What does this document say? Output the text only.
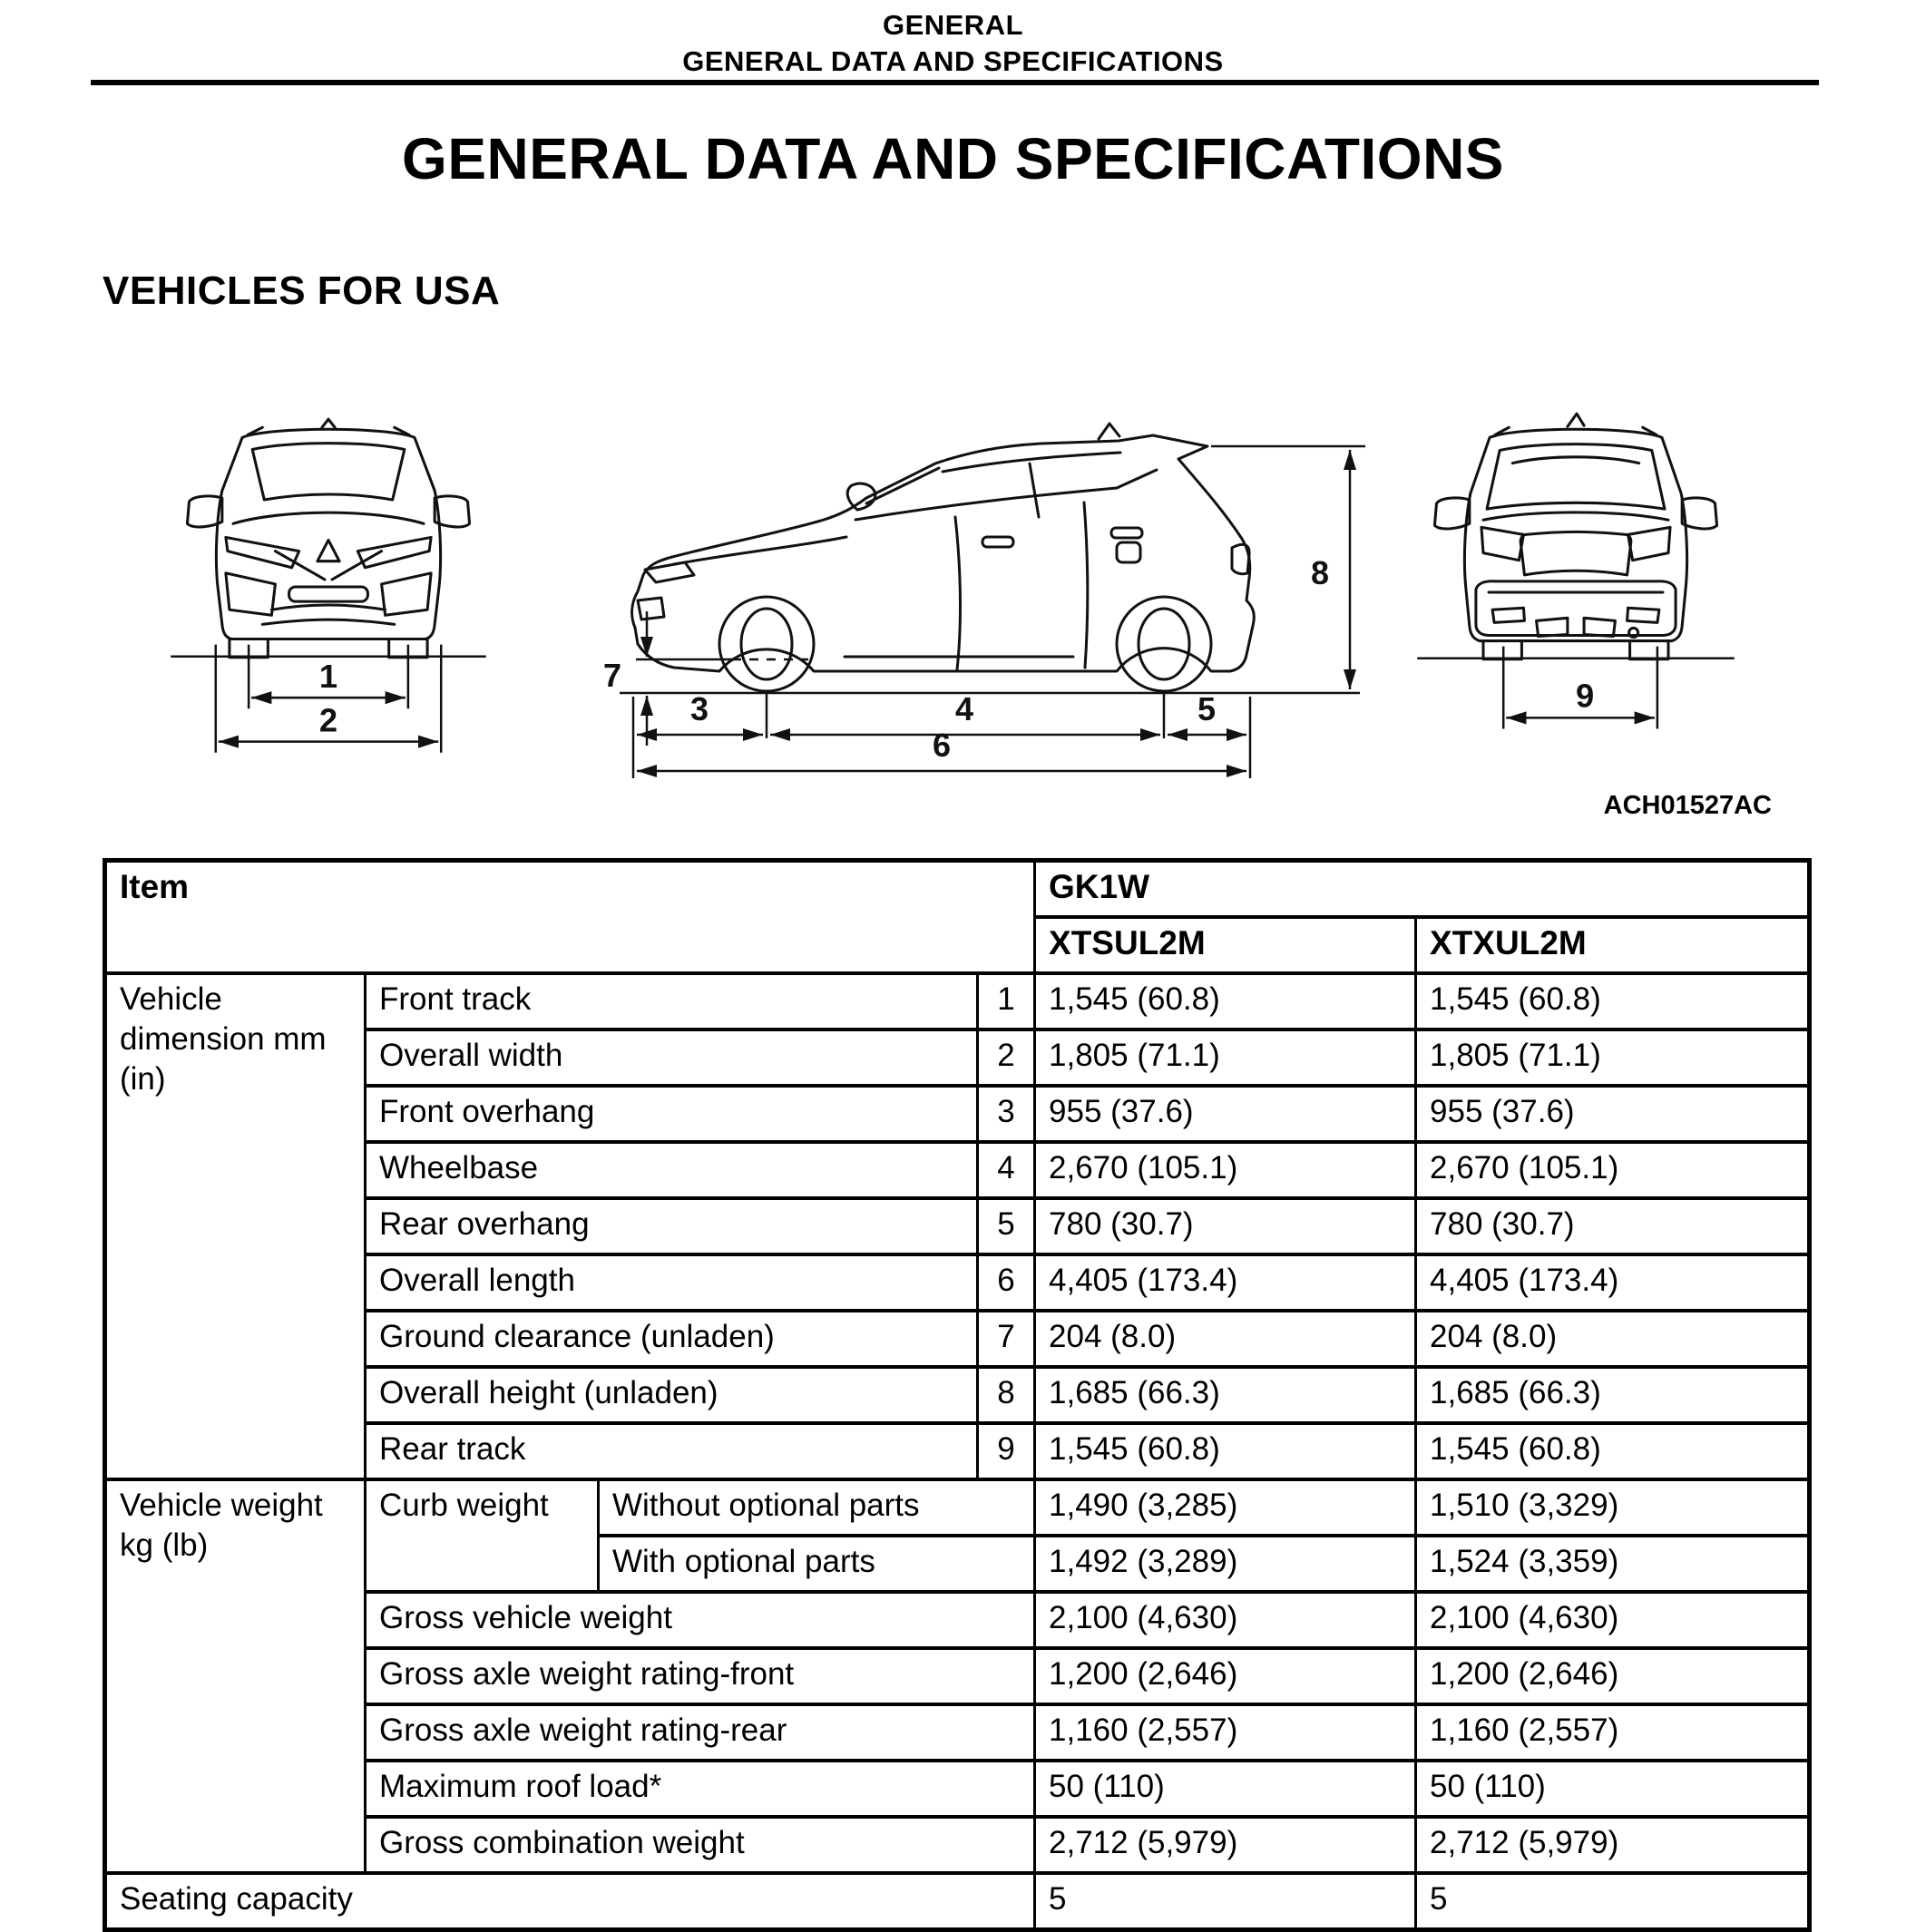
GENERAL
GENERAL DATA AND SPECIFICATIONS
GENERAL DATA AND SPECIFICATIONS
VEHICLES FOR USA
1
2
7
3	4	5
6
8
9
ACH01527AC
Item				GK1W	
				XTSUL2M	XTXUL2M
Vehicle dimension mm (in)	Front track		1	1,545 (60.8)	1,545 (60.8)
	Overall width		2	1,805 (71.1)	1,805 (71.1)
	Front overhang		3	955 (37.6)	955 (37.6)
	Wheelbase		4	2,670 (105.1)	2,670 (105.1)
	Rear overhang		5	780 (30.7)	780 (30.7)
	Overall length		6	4,405 (173.4)	4,405 (173.4)
	Ground clearance (unladen)		7	204 (8.0)	204 (8.0)
	Overall height (unladen)		8	1,685 (66.3)	1,685 (66.3)
	Rear track		9	1,545 (60.8)	1,545 (60.8)
Vehicle weight kg (lb)	Curb weight	Without optional parts		1,490 (3,285)	1,510 (3,329)
		With optional parts		1,492 (3,289)	1,524 (3,359)
	Gross vehicle weight			2,100 (4,630)	2,100 (4,630)
	Gross axle weight rating-front			1,200 (2,646)	1,200 (2,646)
	Gross axle weight rating-rear			1,160 (2,557)	1,160 (2,557)
	Maximum roof load*			50 (110)	50 (110)
	Gross combination weight			2,712 (5,979)	2,712 (5,979)
Seating capacity				5	5
